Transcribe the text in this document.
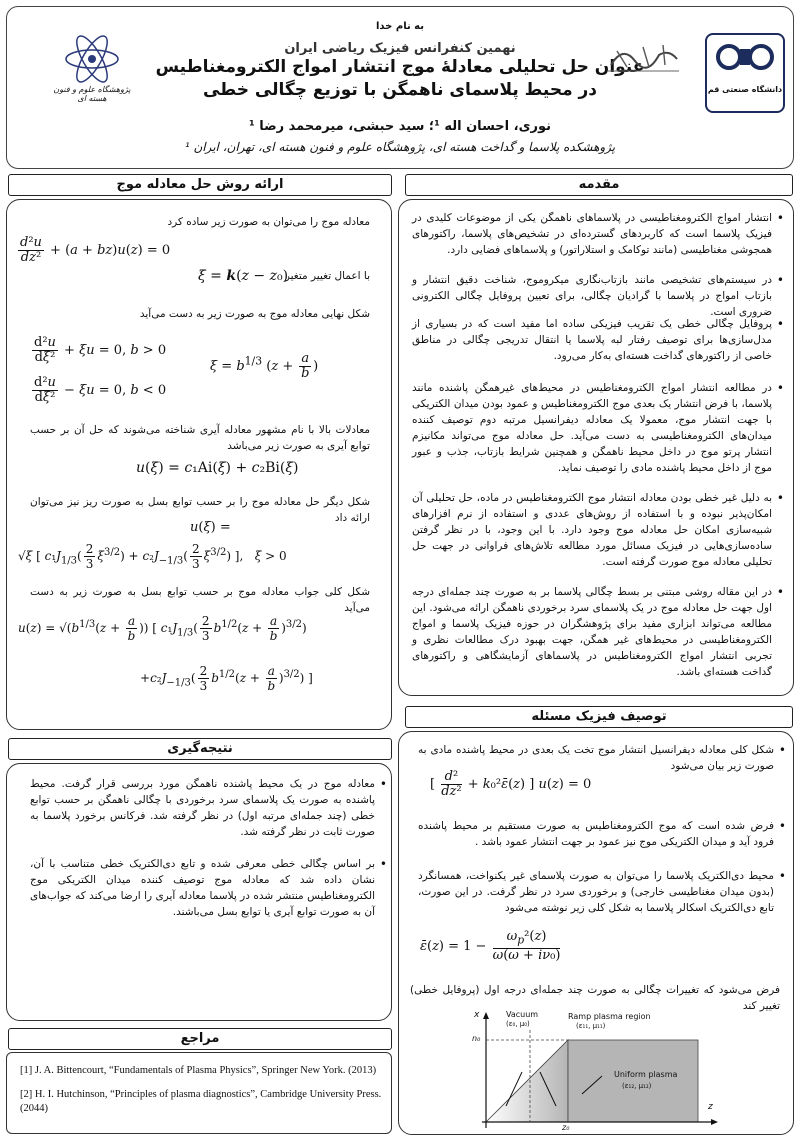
به نام خدا
نهمین کنفرانس فیزیک ریاضی ایران
عنوان حل تحلیلی معادلهٔ موج انتشار امواج الکترومغناطیس
در محیط پلاسمای ناهمگن با توزیع چگالی خطی
نوری، احسان اله ¹؛ سید حبشی، میرمحمد رضا ¹
¹ پژوهشکده پلاسما و گداخت هسته ای، پژوهشگاه علوم و فنون هسته ای، تهران، ایران
پژوهشگاه علوم و فنون هسته ای
دانشگاه صنعتی قم
مقدمه
• انتشار امواج الکترومغناطیسی در پلاسماهای ناهمگن یکی از موضوعات کلیدی در فیزیک پلاسما است که کاربردهای گسترده‌ای در تشخیص‌های پلاسما، راکتورهای همجوشی مغناطیسی (مانند توکامک و استلاراتور) و پلاسماهای فضایی دارد.
• در سیستم‌های تشخیصی مانند بازتاب‌نگاری میکروموج، شناخت دقیق انتشار و بازتاب امواج در پلاسما با گرادیان چگالی، برای تعیین پروفایل چگالی الکترونی ضروری است.
• پروفایل چگالی خطی یک تقریب فیزیکی ساده اما مفید است که در بسیاری از مدل‌سازی‌ها برای توصیف رفتار لبه پلاسما یا انتقال تدریجی چگالی در مناطق خاصی از راکتورهای گداخت هسته‌ای به‌کار می‌رود.
• در مطالعه انتشار امواج الکترومغناطیس در محیط‌های غیرهمگن پاشنده مانند پلاسما، با فرض انتشار یک بعدی موج الکترومغناطیس و عمود بودن میدان الکتریکی با جهت انتشار موج، معمولا یک معادله دیفرانسیل مرتبه دوم توصیف کننده میدان‌های الکترومغناطیسی به دست می‌آید. حل معادله موج می‌تواند مکانیزم انتشار پرتو موج در داخل محیط ناهمگن و همچنین شرایط بازتاب، جذب و عبور موج از داخل محیط پاشنده مادی را توصیف نماید.
• به دلیل غیر خطی بودن معادله انتشار موج الکترومغناطیس در ماده، حل تحلیلی آن امکان‌پذیر نبوده و با استفاده از روش‌های عددی و استفاده از نرم افزارهای شبیه‌سازی امکان حل معادله موج وجود دارد. با این وجود، با در نظر گرفتن ساده‌سازی‌هایی در فیزیک مسائل مورد مطالعه تلاش‌های فراوانی در جهت حل تحلیلی معادله موج صورت گرفته است.
• در این مقاله روشی مبتنی بر بسط چگالی پلاسما بر به صورت چند جمله‌ای درجه اول جهت حل معادله موج در یک پلاسمای سرد برخوردی ناهمگن ارائه می‌شود. این مطالعه می‌تواند ابزاری مفید برای پژوهشگران در حوزه فیزیک پلاسما و امواج الکترومغناطیسی در محیط‌های غیر همگن، جهت بهبود درک مطالعات نظری و تجربی انتشار امواج الکترومغناطیس در پلاسماهای آزمایشگاهی و راکتورهای گداخت هسته‌ای باشد.
ارائه روش حل معادله موج
معادله موج را می‌توان به صورت زیر ساده کرد
$\frac{\text{d²u}}{\text{dz²}} + (a + bz)u(z) = 0$
با اعمال تغییر متغیر
ξ = k(z − z₀)
شکل نهایی معادله موج به صورت زیر به دست می‌آید
$\frac{\text{d²u}}{\text{dξ²}} + \xi u = 0$, b > 0
$\frac{\text{d²u}}{\text{dξ²}} - \xi u = 0$, b < 0
$\xi = b^{1/3}$ ($z + \frac{a}{b}$ )
معادلات بالا با نام مشهور معادله آیری شناخته می‌شوند که حل آن بر حسب توابع آیری به صورت زیر می‌باشد
u(ξ) = c₁Ai(ξ) + c₂Bi(ξ)
شکل دیگر حل معادله موج را بر حسب توابع بسل به صورت ریز نیز می‌توان ارائه داد
u(ξ) =
√ξ [ $c_1J_{1/3}( \frac{2}{3} \xi^{3/2}) + c_2J_{-1/3}( \frac{2}{3} \xi^{3/2})$ ],   ξ > 0
شکل کلی جواب معادله موج بر حسب توابع بسل به صورت زیر به دست می‌آید
$u(z) = √(b^{1/3}(z + \frac{a}{b}$ )) [ $c_1J_{1/3}( \frac{2}{3} b^{1/2}(z + \frac{a}{b} )^{3/2})$
$+c_2J_{-1/3}( \frac{2}{3} b^{1/2}(z + \frac{a}{b} )^{3/2})$ ]
نتیجه‌گیری
• معادله موج در یک محیط پاشنده ناهمگن مورد بررسی قرار گرفت. محیط پاشنده به صورت یک پلاسمای سرد برخوردی با چگالی ناهمگن بر حسب توابع خطی (چند جمله‌ای مرتبه اول) در نظر گرفته شد. فرکانس برخورد پلاسما به صورت ثابت در نظر گرفته شد.
• بر اساس چگالی خطی معرفی شده و تابع دی‌الکتریک خطی متناسب با آن، نشان داده شد که معادله موج توصیف کننده میدان الکتریکی موج الکترومغناطیس منتشر شده در پلاسما معادله آیری را ارضا می‌کند که جواب‌های آن به صورت توابع آیری یا توابع بسل می‌باشند.
مراجع
[1] J. A. Bittencourt, “Fundamentals of Plasma Physics”, Springer New York. (2013)
[2] H. I. Hutchinson, “Principles of plasma diagnostics”, Cambridge University Press. (2044)
توصیف فیزیک مسئله
• شکل کلی معادله دیفرانسیل انتشار موج تخت یک بعدی در محیط پاشنده مادی به صورت زیر بیان می‌شود
[ $\frac{\text{d²}}{\text{dz²}}$ + k₀²ε̄(z) ] u(z) = 0
• فرض شده است که موج الکترومغناطیس به صورت مستقیم بر محیط پاشنده فرود آید و میدان الکتریکی موج نیز عمود بر جهت انتشار عمود باشد .
• محیط دی‌الکتریک پلاسما را می‌توان به صورت پلاسمای غیر یکنواخت، همسانگرد (بدون میدان مغناطیسی خارجی) و برخوردی سرد در نظر گرفت. در این صورت، تابع دی‌الکتریک اسکالر پلاسما به شکل کلی زیر نوشته می‌شود
ε̄(z) = $1 - \frac{\omega_p^2(z)}{\text{ω(ω + iν₀)}}$
فرض می‌شود که تغییرات چگالی به صورت چند جمله‌ای درجه اول (پروفایل خطی) تغییر کند
Vacuum
(ε₀, μ₀)
Ramp plasma region
(ε₁₁, μ₁₁)
Uniform plasma
(ε₁₂, μ₁₂)
x
z
n₀
z₀
